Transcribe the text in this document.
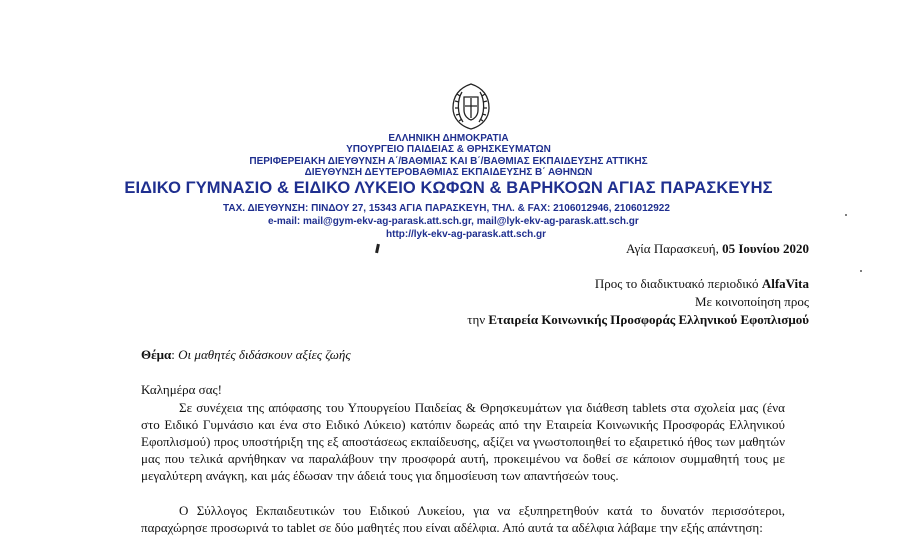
ΕΛΛΗΝΙΚΗ ΔΗΜΟΚΡΑΤΙΑ
ΥΠΟΥΡΓΕΙΟ ΠΑΙΔΕΙΑΣ & ΘΡΗΣΚΕΥΜΑΤΩΝ
ΠΕΡΙΦΕΡΕΙΑΚΗ ΔΙΕΥΘΥΝΣΗ Α΄/ΒΑΘΜΙΑΣ ΚΑΙ Β΄/ΒΑΘΜΙΑΣ ΕΚΠΑΙΔΕΥΣΗΣ ΑΤΤΙΚΗΣ
ΔΙΕΥΘΥΝΣΗ ΔΕΥΤΕΡΟΒΑΘΜΙΑΣ ΕΚΠΑΙΔΕΥΣΗΣ Β΄ ΑΘΗΝΩΝ
ΕΙΔΙΚΟ ΓΥΜΝΑΣΙΟ & ΕΙΔΙΚΟ ΛΥΚΕΙΟ ΚΩΦΩΝ & ΒΑΡΗΚΟΩΝ ΑΓΙΑΣ ΠΑΡΑΣΚΕΥΗΣ
ΤΑΧ. ΔΙΕΥΘΥΝΣΗ: ΠΙΝΔΟΥ 27, 15343 ΑΓΙΑ ΠΑΡΑΣΚΕΥΗ, ΤΗΛ. & FAX: 2106012946, 2106012922
e-mail: mail@gym-ekv-ag-parask.att.sch.gr, mail@lyk-ekv-ag-parask.att.sch.gr
http://lyk-ekv-ag-parask.att.sch.gr
Αγία Παρασκευή, 05 Ιουνίου 2020
Προς το διαδικτυακό περιοδικό AlfaVita
Με κοινοποίηση προς
την Εταιρεία Κοινωνικής Προσφοράς Ελληνικού Εφοπλισμού
Θέμα: Οι μαθητές διδάσκουν αξίες ζωής
Καλημέρα σας!

Σε συνέχεια της απόφασης του Υπουργείου Παιδείας & Θρησκευμάτων για διάθεση tablets στα σχολεία μας (ένα στο Ειδικό Γυμνάσιο και ένα στο Ειδικό Λύκειο) κατόπιν δωρεάς από την Εταιρεία Κοινωνικής Προσφοράς Ελληνικού Εφοπλισμού) προς υποστήριξη της εξ αποστάσεως εκπαίδευσης, αξίζει να γνωστοποιηθεί το εξαιρετικό ήθος των μαθητών μας που τελικά αρνήθηκαν να παραλάβουν την προσφορά αυτή, προκειμένου να δοθεί σε κάποιον συμμαθητή τους με μεγαλύτερη ανάγκη, και μάς έδωσαν την άδειά τους για δημοσίευση των απαντήσεών τους.

Ο Σύλλογος Εκπαιδευτικών του Ειδικού Λυκείου, για να εξυπηρετηθούν κατά το δυνατόν περισσότεροι, παραχώρησε προσωρινά το tablet σε δύο μαθητές που είναι αδέλφια. Από αυτά τα αδέλφια λάβαμε την εξής απάντηση:
